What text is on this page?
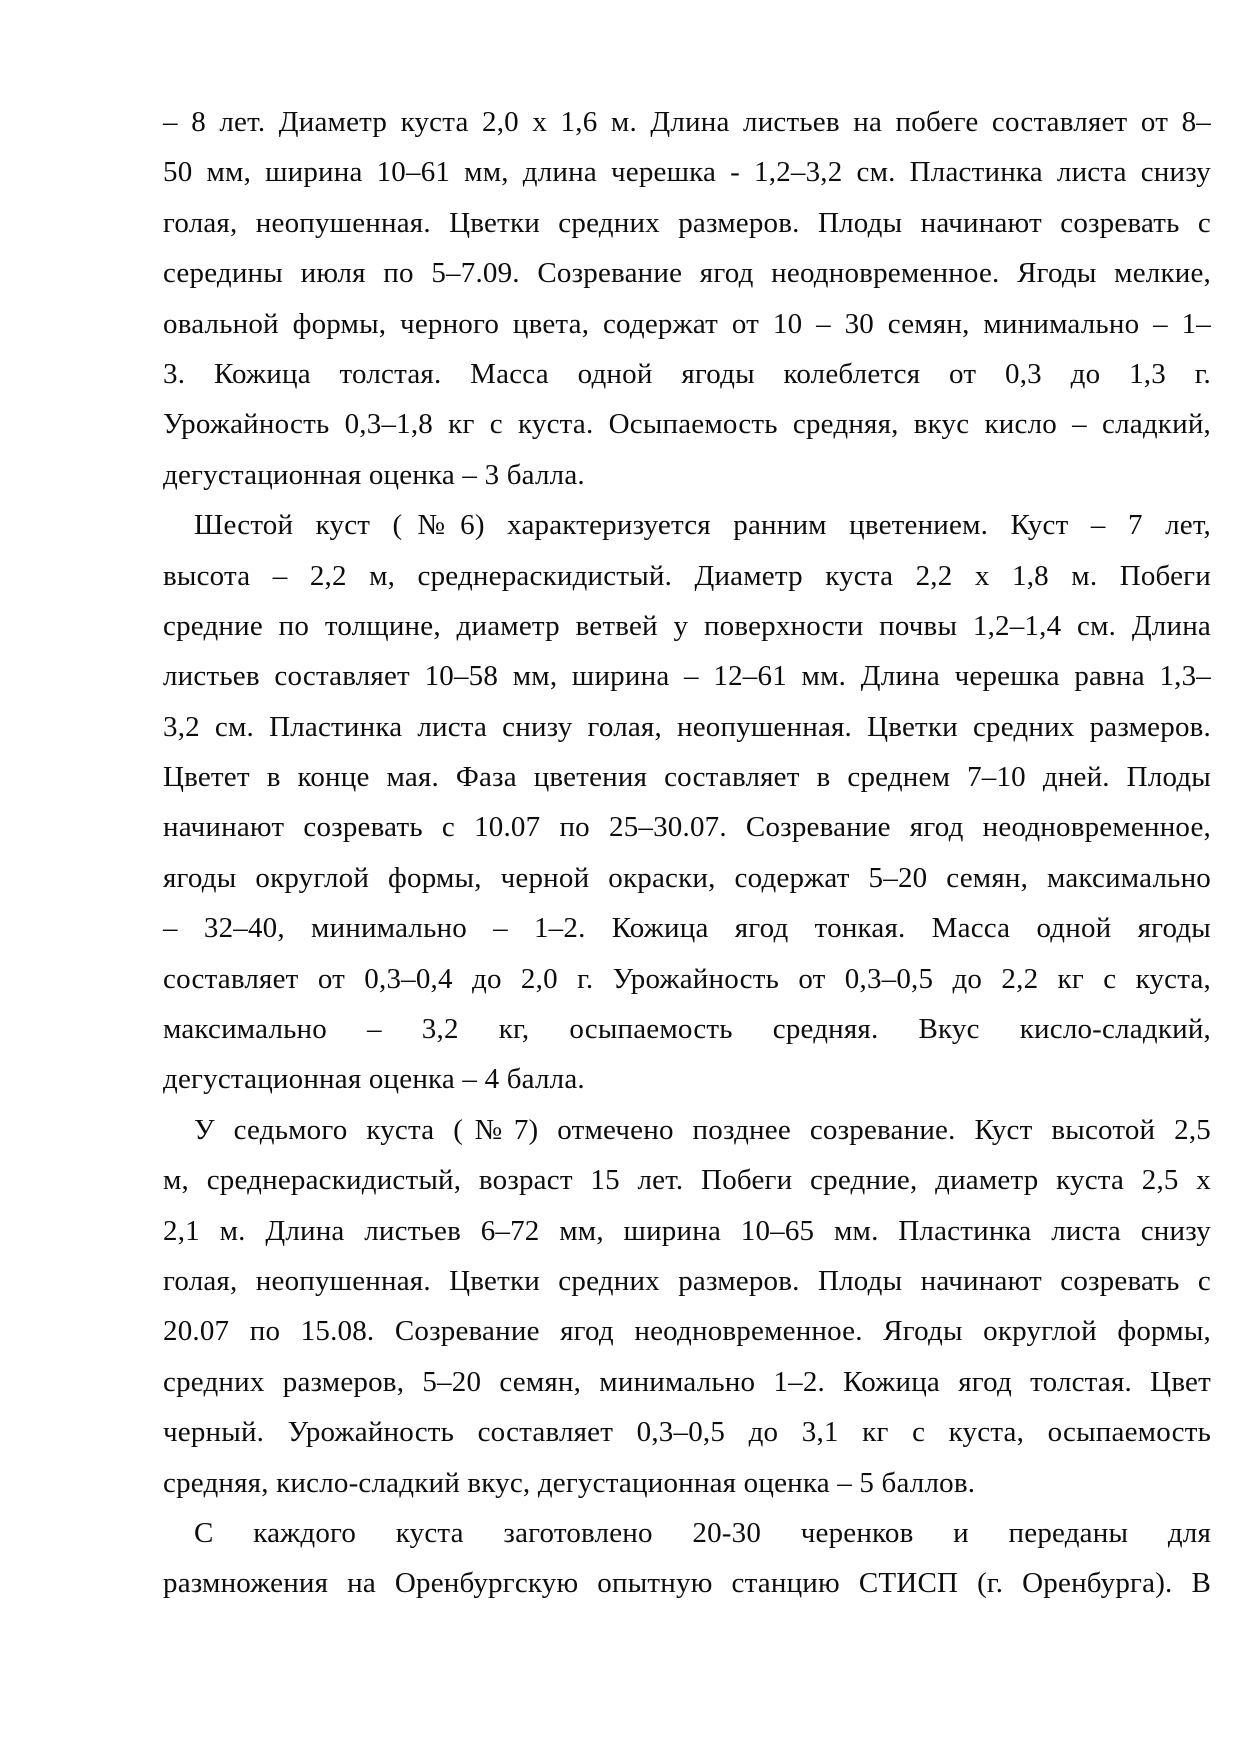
– 8 лет. Диаметр куста 2,0 х 1,6 м. Длина листьев на побеге составляет от 8–
50 мм, ширина 10–61 мм, длина черешка - 1,2–3,2 см. Пластинка листа снизу
голая, неопушенная. Цветки средних размеров. Плоды начинают созревать с
середины июля по 5–7.09. Созревание ягод неодновременное. Ягоды мелкие,
овальной формы, черного цвета, содержат от 10 – 30 семян, минимально – 1–
3. Кожица толстая. Масса одной ягоды колеблется от 0,3 до 1,3 г.
Урожайность 0,3–1,8 кг с куста. Осыпаемость средняя, вкус кисло – сладкий,
дегустационная оценка – 3 балла.
Шестой куст (№6) характеризуется ранним цветением. Куст – 7 лет,
высота – 2,2 м, среднераскидистый. Диаметр куста 2,2 х 1,8 м. Побеги
средние по толщине, диаметр ветвей у поверхности почвы 1,2–1,4 см. Длина
листьев составляет 10–58 мм, ширина – 12–61 мм. Длина черешка равна 1,3–
3,2 см. Пластинка листа снизу голая, неопушенная. Цветки средних размеров.
Цветет в конце мая. Фаза цветения составляет в среднем 7–10 дней. Плоды
начинают созревать с 10.07 по 25–30.07. Созревание ягод неодновременное,
ягоды округлой формы, черной окраски, содержат 5–20 семян, максимально
– 32–40, минимально – 1–2. Кожица ягод тонкая. Масса одной ягоды
составляет от 0,3–0,4 до 2,0 г. Урожайность от 0,3–0,5 до 2,2 кг с куста,
максимально – 3,2 кг, осыпаемость средняя. Вкус кисло-сладкий,
дегустационная оценка – 4 балла.
У седьмого куста (№7) отмечено позднее созревание. Куст высотой 2,5
м, среднераскидистый, возраст 15 лет. Побеги средние, диаметр куста 2,5 х
2,1 м. Длина листьев 6–72 мм, ширина 10–65 мм. Пластинка листа снизу
голая, неопушенная. Цветки средних размеров. Плоды начинают созревать с
20.07 по 15.08. Созревание ягод неодновременное. Ягоды округлой формы,
средних размеров, 5–20 семян, минимально 1–2. Кожица ягод толстая. Цвет
черный. Урожайность составляет 0,3–0,5 до 3,1 кг с куста, осыпаемость
средняя, кисло-сладкий вкус, дегустационная оценка – 5 баллов.
С каждого куста заготовлено 20-30 черенков и переданы для
размножения на Оренбургскую опытную станцию СТИСП (г. Оренбурга). В
